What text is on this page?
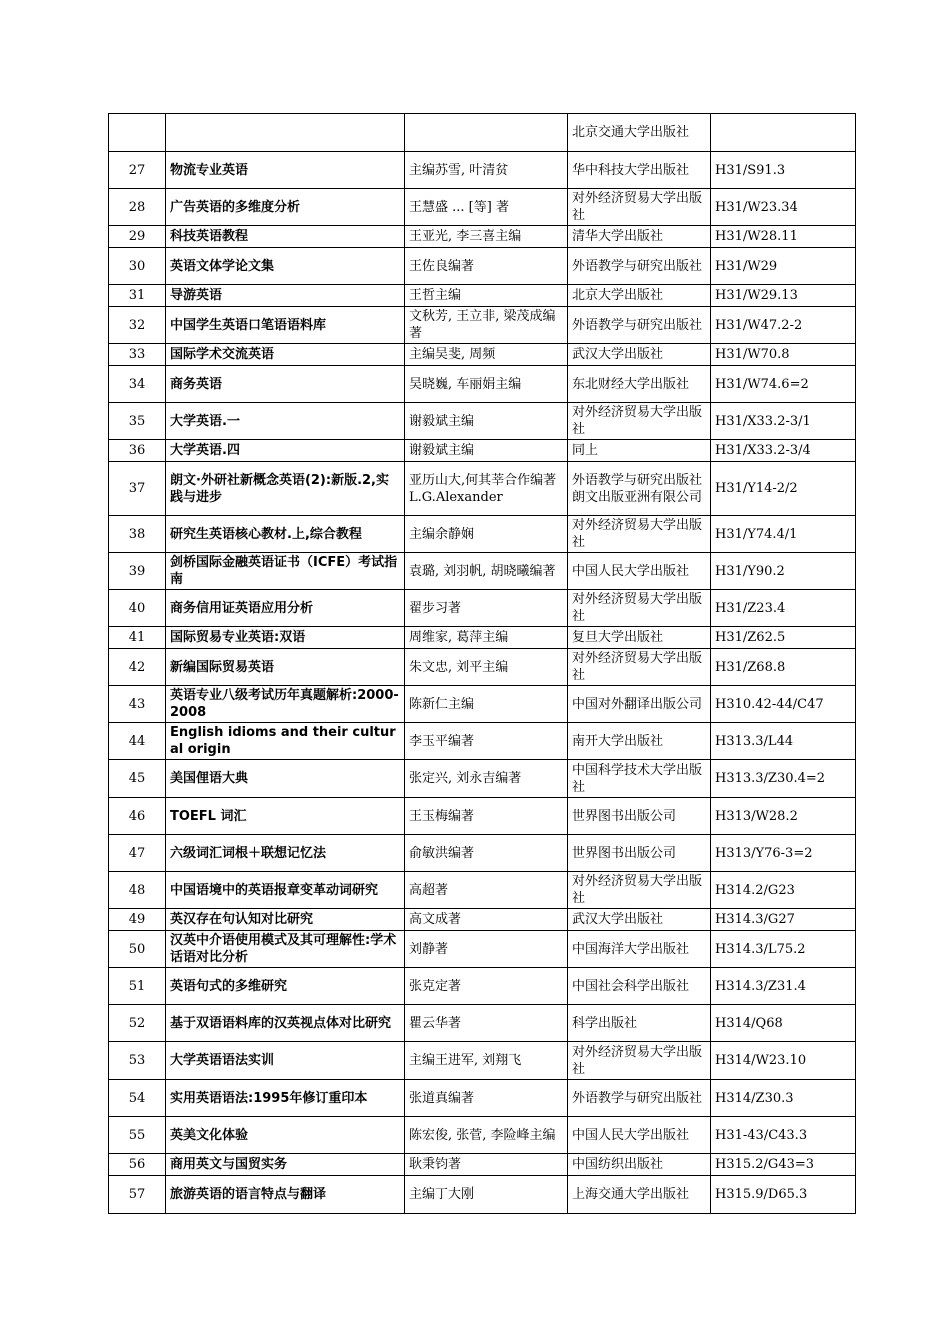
			北京交通大学出版社	
27	物流专业英语	主编苏雪, 叶清贫	华中科技大学出版社	H31/S91.3
28	广告英语的多维度分析	王慧盛 ... [等] 著	对外经济贸易大学出版社	H31/W23.34
29	科技英语教程	王亚光, 李三喜主编	清华大学出版社	H31/W28.11
30	英语文体学论文集	王佐良编著	外语教学与研究出版社	H31/W29
31	导游英语	王哲主编	北京大学出版社	H31/W29.13
32	中国学生英语口笔语语料库	文秋芳, 王立非, 梁茂成编著	外语教学与研究出版社	H31/W47.2-2
33	国际学术交流英语	主编吴斐, 周频	武汉大学出版社	H31/W70.8
34	商务英语	吴晓巍, 车丽娟主编	东北财经大学出版社	H31/W74.6=2
35	大学英语.一	谢毅斌主编	对外经济贸易大学出版社	H31/X33.2-3/1
36	大学英语.四	谢毅斌主编	同上	H31/X33.2-3/4
37	朗文·外研社新概念英语(2):新版.2,实践与进步	亚历山大,何其莘合作编著 L.G.Alexander	外语教学与研究出版社 朗文出版亚洲有限公司	H31/Y14-2/2
38	研究生英语核心教材.上,综合教程	主编余静娴	对外经济贸易大学出版社	H31/Y74.4/1
39	剑桥国际金融英语证书（ICFE）考试指南	袁璐, 刘羽帆, 胡晓曦编著	中国人民大学出版社	H31/Y90.2
40	商务信用证英语应用分析	翟步习著	对外经济贸易大学出版社	H31/Z23.4
41	国际贸易专业英语:双语	周维家, 葛萍主编	复旦大学出版社	H31/Z62.5
42	新编国际贸易英语	朱文忠, 刘平主编	对外经济贸易大学出版社	H31/Z68.8
43	英语专业八级考试历年真题解析:2000-2008	陈新仁主编	中国对外翻译出版公司	H310.42-44/C47
44	English idioms and their cultural origin	李玉平编著	南开大学出版社	H313.3/L44
45	美国俚语大典	张定兴, 刘永吉编著	中国科学技术大学出版社	H313.3/Z30.4=2
46	TOEFL 词汇	王玉梅编著	世界图书出版公司	H313/W28.2
47	六级词汇词根＋联想记忆法	俞敏洪编著	世界图书出版公司	H313/Y76-3=2
48	中国语境中的英语报章变革动词研究	高超著	对外经济贸易大学出版社	H314.2/G23
49	英汉存在句认知对比研究	高文成著	武汉大学出版社	H314.3/G27
50	汉英中介语使用模式及其可理解性:学术话语对比分析	刘静著	中国海洋大学出版社	H314.3/L75.2
51	英语句式的多维研究	张克定著	中国社会科学出版社	H314.3/Z31.4
52	基于双语语料库的汉英视点体对比研究	瞿云华著	科学出版社	H314/Q68
53	大学英语语法实训	主编王进军, 刘翔飞	对外经济贸易大学出版社	H314/W23.10
54	实用英语语法:1995年修订重印本	张道真编著	外语教学与研究出版社	H314/Z30.3
55	英美文化体验	陈宏俊, 张菅, 李险峰主编	中国人民大学出版社	H31-43/C43.3
56	商用英文与国贸实务	耿秉钧著	中国纺织出版社	H315.2/G43=3
57	旅游英语的语言特点与翻译	主编丁大刚	上海交通大学出版社	H315.9/D65.3
